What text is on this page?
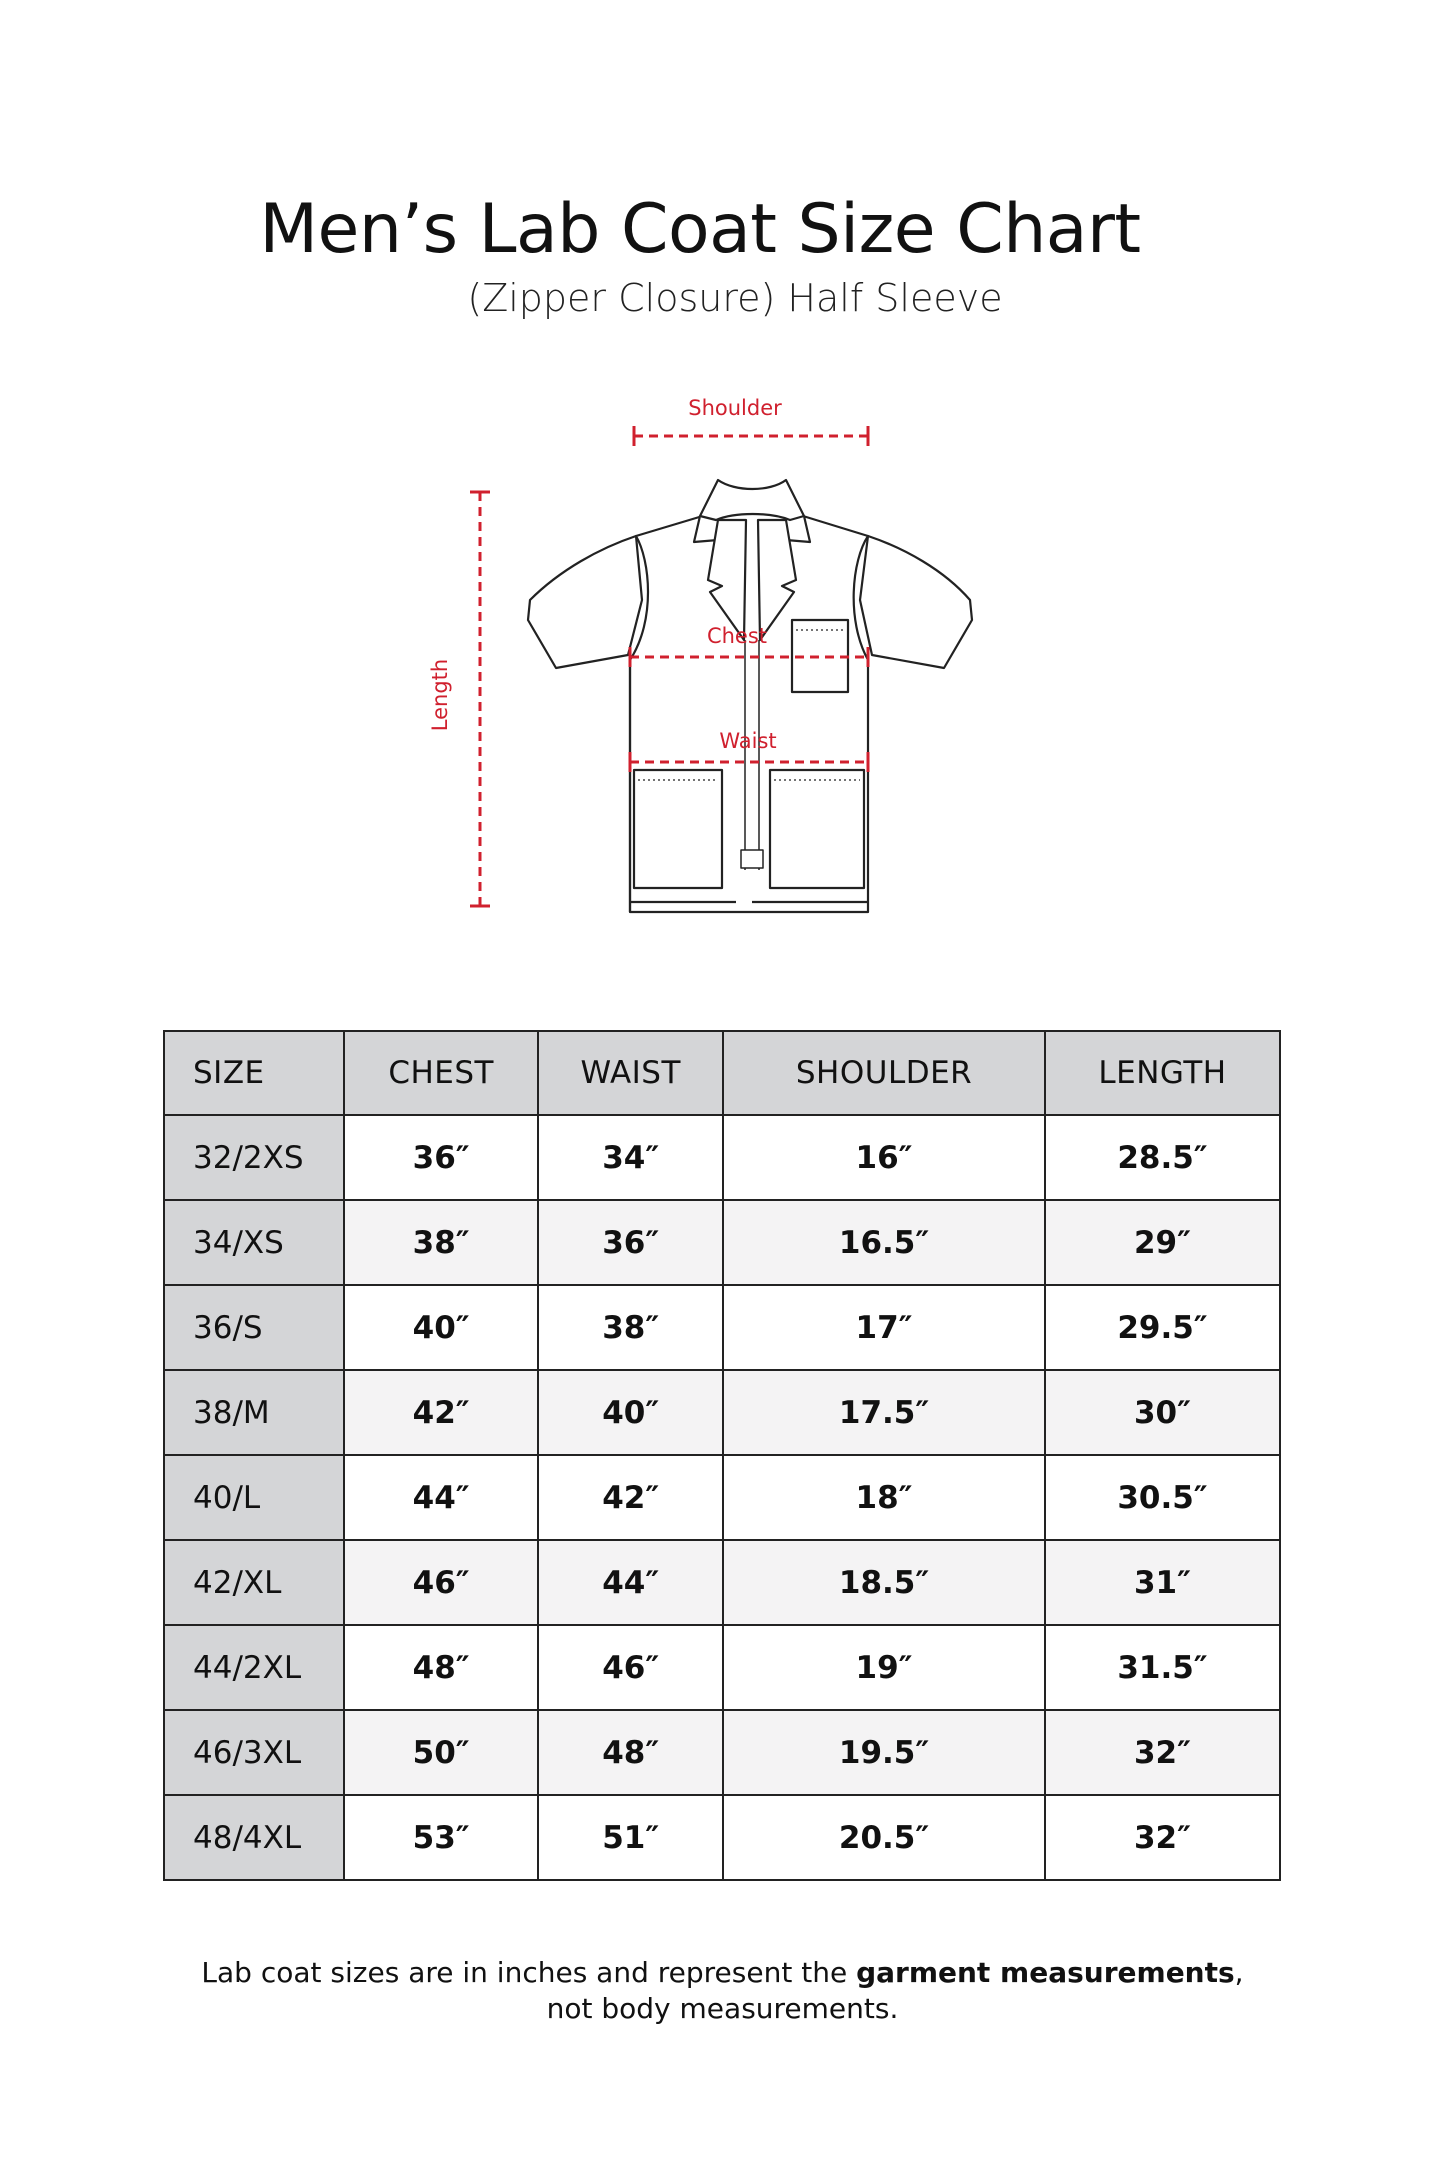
Men’s Lab Coat Size Chart
(Zipper Closure) Half Sleeve
Shoulder
Chest
Waist
Length
SIZE	CHEST	WAIST	SHOULDER	LENGTH
32/2XS	36″	34″	16″	28.5″
34/XS	38″	36″	16.5″	29″
36/S	40″	38″	17″	29.5″
38/M	42″	40″	17.5″	30″
40/L	44″	42″	18″	30.5″
42/XL	46″	44″	18.5″	31″
44/2XL	48″	46″	19″	31.5″
46/3XL	50″	48″	19.5″	32″
48/4XL	53″	51″	20.5″	32″
Lab coat sizes are in inches and represent the garment measurements,
not body measurements.
